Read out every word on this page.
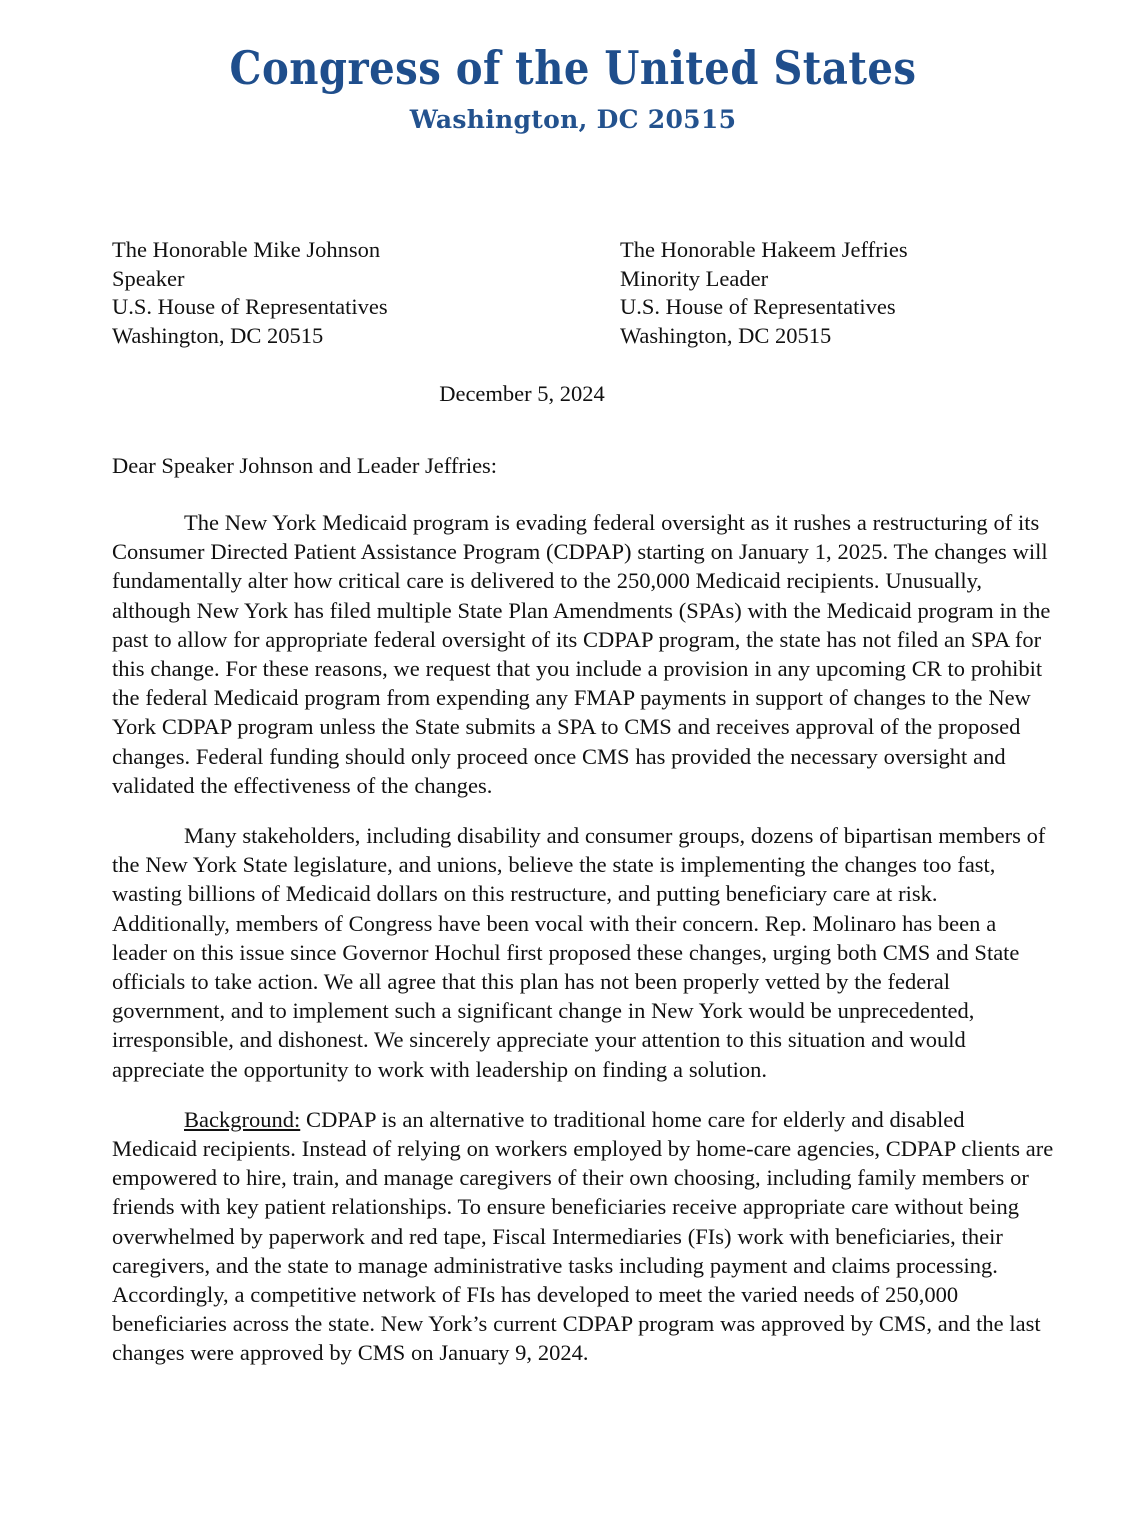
Congress of the United States
Washington, DC 20515
The Honorable Mike Johnson
Speaker
U.S. House of Representatives
Washington, DC 20515
The Honorable Hakeem Jeffries
Minority Leader
U.S. House of Representatives
Washington, DC 20515
December 5, 2024
Dear Speaker Johnson and Leader Jeffries:

The New York Medicaid program is evading federal oversight as it rushes a restructuring of its Consumer Directed Patient Assistance Program (CDPAP) starting on January 1, 2025. The changes will fundamentally alter how critical care is delivered to the 250,000 Medicaid recipients. Unusually, although New York has filed multiple State Plan Amendments (SPAs) with the Medicaid program in the past to allow for appropriate federal oversight of its CDPAP program, the state has not filed an SPA for this change. For these reasons, we request that you include a provision in any upcoming CR to prohibit the federal Medicaid program from expending any FMAP payments in support of changes to the New York CDPAP program unless the State submits a SPA to CMS and receives approval of the proposed changes. Federal funding should only proceed once CMS has provided the necessary oversight and validated the effectiveness of the changes.

Many stakeholders, including disability and consumer groups, dozens of bipartisan members of the New York State legislature, and unions, believe the state is implementing the changes too fast, wasting billions of Medicaid dollars on this restructure, and putting beneficiary care at risk. Additionally, members of Congress have been vocal with their concern. Rep. Molinaro has been a leader on this issue since Governor Hochul first proposed these changes, urging both CMS and State officials to take action. We all agree that this plan has not been properly vetted by the federal government, and to implement such a significant change in New York would be unprecedented, irresponsible, and dishonest. We sincerely appreciate your attention to this situation and would appreciate the opportunity to work with leadership on finding a solution.

Background: CDPAP is an alternative to traditional home care for elderly and disabled Medicaid recipients. Instead of relying on workers employed by home-care agencies, CDPAP clients are empowered to hire, train, and manage caregivers of their own choosing, including family members or friends with key patient relationships. To ensure beneficiaries receive appropriate care without being overwhelmed by paperwork and red tape, Fiscal Intermediaries (FIs) work with beneficiaries, their caregivers, and the state to manage administrative tasks including payment and claims processing. Accordingly, a competitive network of FIs has developed to meet the varied needs of 250,000 beneficiaries across the state. New York’s current CDPAP program was approved by CMS, and the last changes were approved by CMS on January 9, 2024.
